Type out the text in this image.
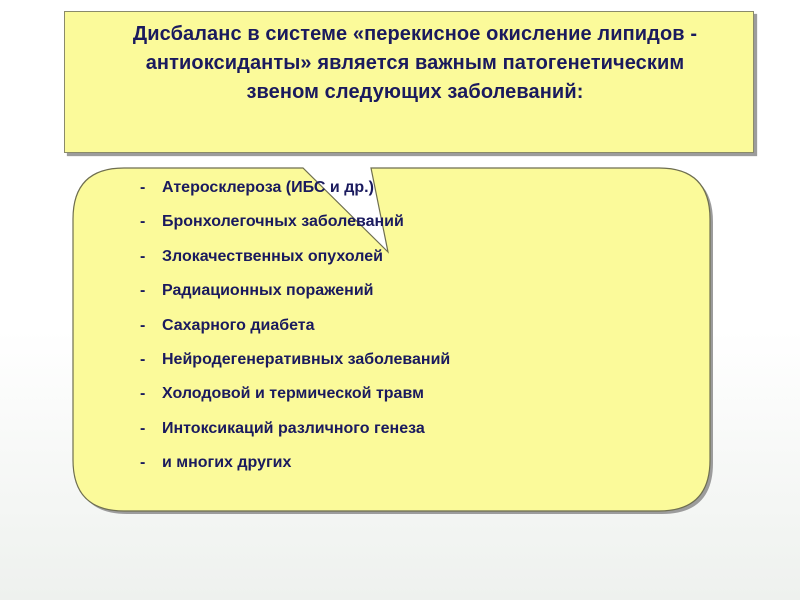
Дисбаланс в системе «перекисное окисление липидов -
антиоксиданты» является важным патогенетическим
звеном следующих заболеваний:
- Атеросклероза (ИБС и др.)
- Бронхолегочных заболеваний
- Злокачественных опухолей
- Радиационных поражений
- Сахарного диабета
- Нейродегенеративных заболеваний
- Холодовой и термической травм
- Интоксикаций различного генеза
- и многих других
